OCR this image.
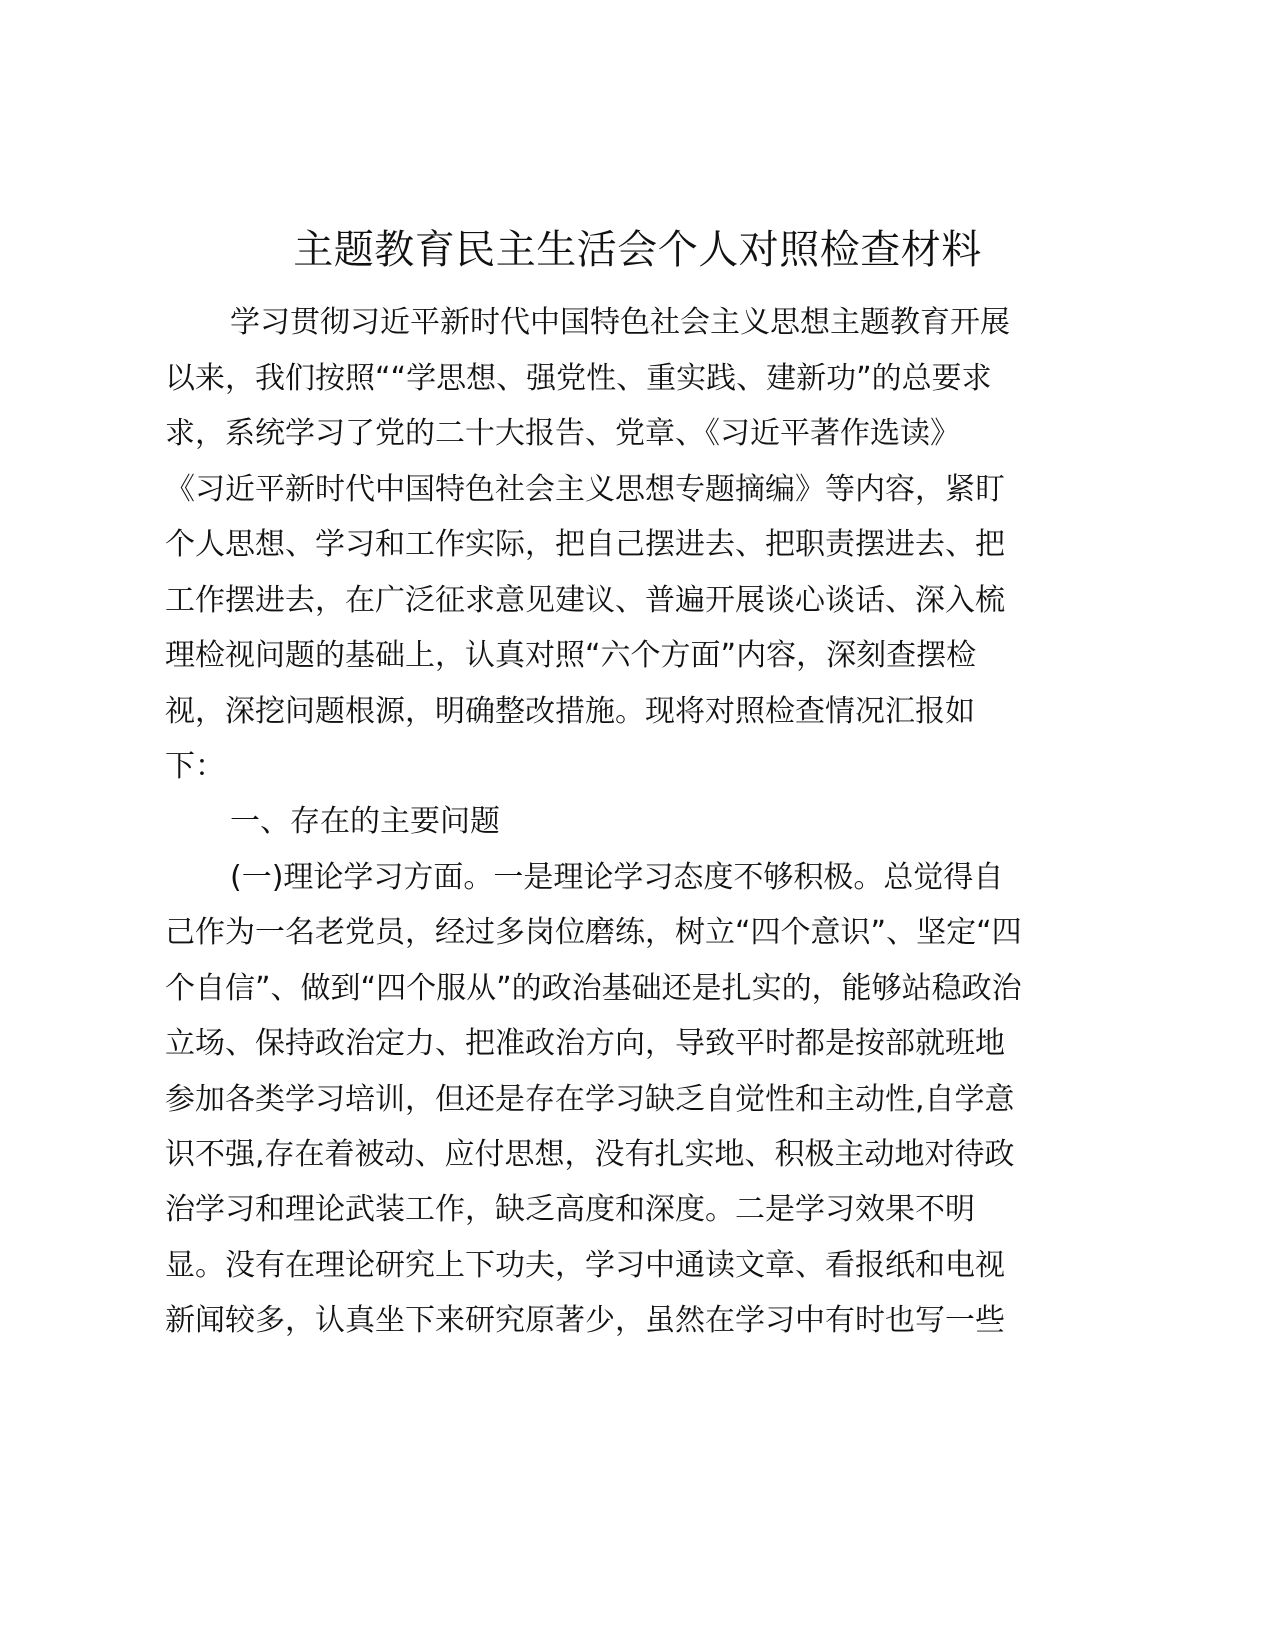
主题教育民主生活会个人对照检查材料
学习贯彻习近平新时代中国特色社会主义思想主题教育开展
以来，我们按照““学思想、强党性、重实践、建新功”的总要求
求，系统学习了党的二十大报告、党章、《习近平著作选读》
《习近平新时代中国特色社会主义思想专题摘编》等内容，紧盯
个人思想、学习和工作实际，把自己摆进去、把职责摆进去、把
工作摆进去，在广泛征求意见建议、普遍开展谈心谈话、深入梳
理检视问题的基础上，认真对照“六个方面”内容，深刻查摆检
视，深挖问题根源，明确整改措施。现将对照检查情况汇报如
下：
一、存在的主要问题
(一)理论学习方面。一是理论学习态度不够积极。总觉得自
己作为一名老党员，经过多岗位磨练，树立“四个意识”、坚定“四
个自信”、做到“四个服从”的政治基础还是扎实的，能够站稳政治
立场、保持政治定力、把准政治方向，导致平时都是按部就班地
参加各类学习培训，但还是存在学习缺乏自觉性和主动性,自学意
识不强,存在着被动、应付思想，没有扎实地、积极主动地对待政
治学习和理论武装工作，缺乏高度和深度。二是学习效果不明
显。没有在理论研究上下功夫，学习中通读文章、看报纸和电视
新闻较多，认真坐下来研究原著少，虽然在学习中有时也写一些
